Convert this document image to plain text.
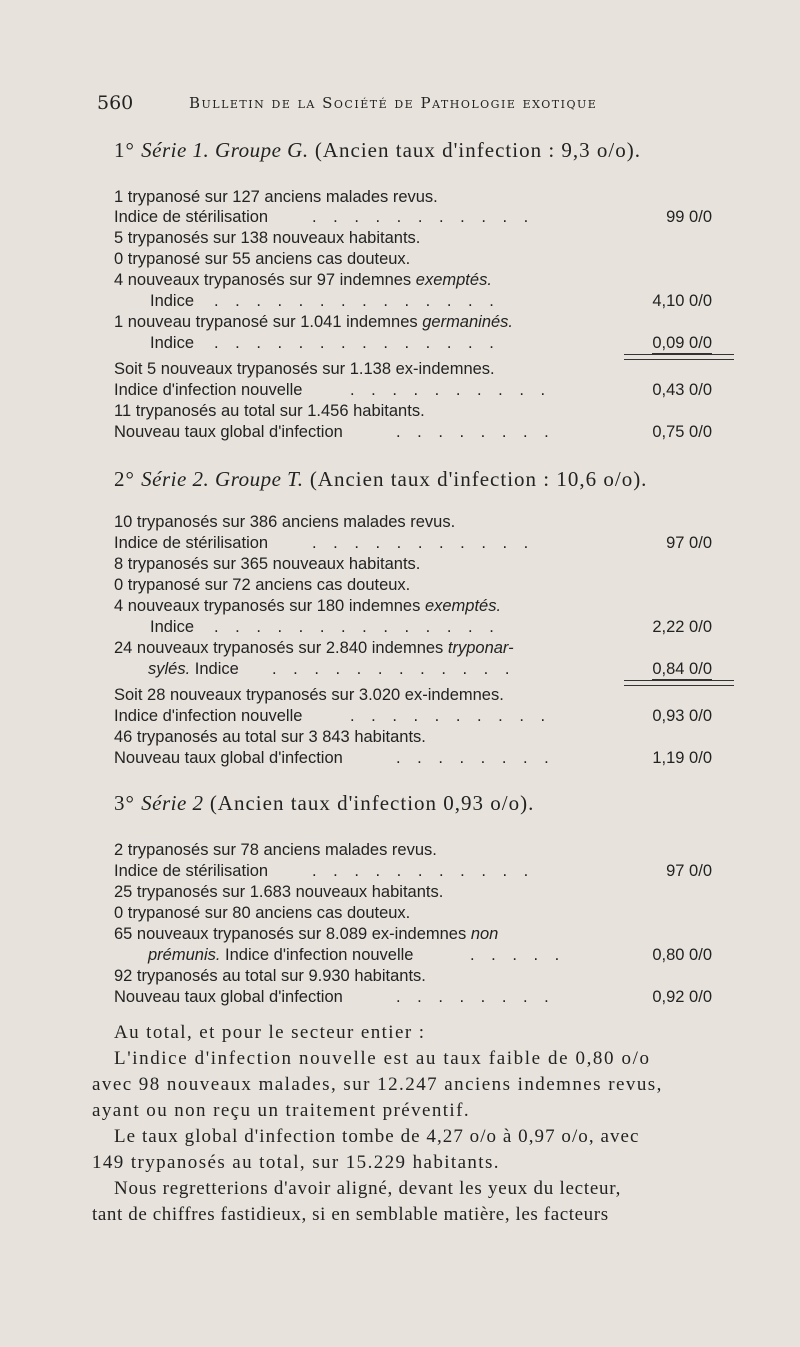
560	Bulletin de la Société de Pathologie exotique
1° Série 1. Groupe G. (Ancien taux d'infection : 9,3 o/o).
1 trypanosé sur 127 anciens malades revus.
Indice de stérilisation	. . . . . . . . . . .	99 0/0
5 trypanosés sur 138 nouveaux habitants.
0 trypanosé sur 55 anciens cas douteux.
4 nouveaux trypanosés sur 97 indemnes exemptés.
Indice . . . . . . . . . . . . . .	4,10 0/0
1 nouveau trypanosé sur 1.041 indemnes germaninés.
Indice . . . . . . . . . . . . . .	0,09 0/0
Soit 5 nouveaux trypanosés sur 1.138 ex-indemnes.
Indice d'infection nouvelle	. . . . . . . . . .	0,43 0/0
11 trypanosés au total sur 1.456 habitants.
Nouveau taux global d'infection	. . . . . . . .	0,75 0/0
2° Série 2. Groupe T. (Ancien taux d'infection : 10,6 o/o).
10 trypanosés sur 386 anciens malades revus.
Indice de stérilisation	. . . . . . . . . . .	97 0/0
8 trypanosés sur 365 nouveaux habitants.
0 trypanosé sur 72 anciens cas douteux.
4 nouveaux trypanosés sur 180 indemnes exemptés.
Indice . . . . . . . . . . . . . .	2,22 0/0
24 nouveaux trypanosés sur 2.840 indemnes tryponar-
sylés. Indice . . . . . . . . . . . .	0,84 0/0
Soit 28 nouveaux trypanosés sur 3.020 ex-indemnes.
Indice d'infection nouvelle	. . . . . . . . . .	0,93 0/0
46 trypanosés au total sur 3 843 habitants.
Nouveau taux global d'infection	. . . . . . . .	1,19 0/0
3° Série 2 (Ancien taux d'infection 0,93 o/o).
2 trypanosés sur 78 anciens malades revus.
Indice de stérilisation	. . . . . . . . . . .	97 0/0
25 trypanosés sur 1.683 nouveaux habitants.
0 trypanosé sur 80 anciens cas douteux.
65 nouveaux trypanosés sur 8.089 ex-indemnes non
prémunis. Indice d'infection nouvelle	. . . . .	0,80 0/0
92 trypanosés au total sur 9.930 habitants.
Nouveau taux global d'infection	. . . . . . . .	0,92 0/0
Au total, et pour le secteur entier :
L'indice d'infection nouvelle est au taux faible de 0,80 o/o
avec 98 nouveaux malades, sur 12.247 anciens indemnes revus,
ayant ou non reçu un traitement préventif.
Le taux global d'infection tombe de 4,27 o/o à 0,97 o/o, avec
149 trypanosés au total, sur 15.229 habitants.
Nous regretterions d'avoir aligné, devant les yeux du lecteur,
tant de chiffres fastidieux, si en semblable matière, les facteurs
